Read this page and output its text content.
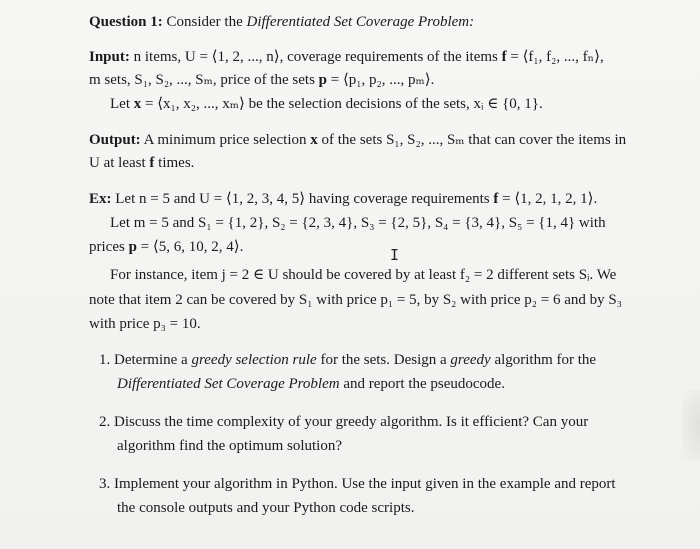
Question 1: Consider the Differentiated Set Coverage Problem:
Input: n items, U = ⟨1, 2, ..., n⟩, coverage requirements of the items f = ⟨f₁, f₂, ..., fₙ⟩,
m sets, S₁, S₂, ..., Sₘ, price of the sets p = ⟨p₁, p₂, ..., pₘ⟩.
Let x = ⟨x₁, x₂, ..., xₘ⟩ be the selection decisions of the sets, xᵢ ∈ {0, 1}.
Output: A minimum price selection x of the sets S₁, S₂, ..., Sₘ that can cover the items in
U at least f times.
Ex: Let n = 5 and U = ⟨1, 2, 3, 4, 5⟩ having coverage requirements f = ⟨1, 2, 1, 2, 1⟩.
Let m = 5 and S₁ = {1, 2}, S₂ = {2, 3, 4}, S₃ = {2, 5}, S₄ = {3, 4}, S₅ = {1, 4} with
prices p = ⟨5, 6, 10, 2, 4⟩.	I
For instance, item j = 2 ∈ U should be covered by at least f₂ = 2 different sets Sᵢ. We
note that item 2 can be covered by S₁ with price p₁ = 5, by S₂ with price p₂ = 6 and by S₃
with price p₃ = 10.
1. Determine a greedy selection rule for the sets. Design a greedy algorithm for the
Differentiated Set Coverage Problem and report the pseudocode.
2. Discuss the time complexity of your greedy algorithm. Is it efficient? Can your
algorithm find the optimum solution?
3. Implement your algorithm in Python. Use the input given in the example and report
the console outputs and your Python code scripts.
